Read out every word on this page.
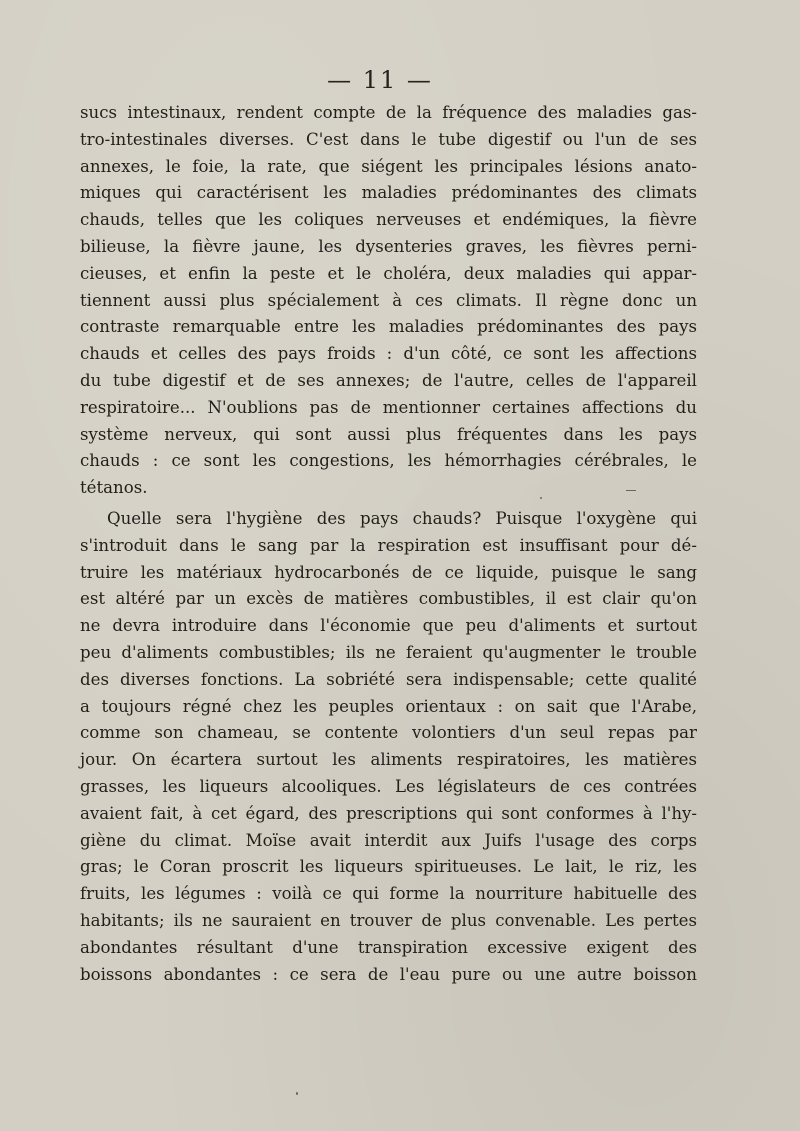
— 11 —
sucs intestinaux, rendent compte de la fréquence des maladies gas-
tro-intestinales diverses. C'est dans le tube digestif ou l'un de ses
annexes, le foie, la rate, que siégent les principales lésions anato-
miques qui caractérisent les maladies prédominantes des climats
chauds, telles que les coliques nerveuses et endémiques, la fièvre
bilieuse, la fièvre jaune, les dysenteries graves, les fièvres perni-
cieuses, et enfin la peste et le choléra, deux maladies qui appar-
tiennent aussi plus spécialement à ces climats. Il règne donc un
contraste remarquable entre les maladies prédominantes des pays
chauds et celles des pays froids : d'un côté, ce sont les affections
du tube digestif et de ses annexes; de l'autre, celles de l'appareil
respiratoire... N'oublions pas de mentionner certaines affections du
système nerveux, qui sont aussi plus fréquentes dans les pays
chauds : ce sont les congestions, les hémorrhagies cérébrales, le
tétanos.
Quelle sera l'hygiène des pays chauds? Puisque l'oxygène qui
s'introduit dans le sang par la respiration est insuffisant pour dé-
truire les matériaux hydrocarbonés de ce liquide, puisque le sang
est altéré par un excès de matières combustibles, il est clair qu'on
ne devra introduire dans l'économie que peu d'aliments et surtout
peu d'aliments combustibles; ils ne feraient qu'augmenter le trouble
des diverses fonctions. La sobriété sera indispensable; cette qualité
a toujours régné chez les peuples orientaux : on sait que l'Arabe,
comme son chameau, se contente volontiers d'un seul repas par
jour. On écartera surtout les aliments respiratoires, les matières
grasses, les liqueurs alcooliques. Les législateurs de ces contrées
avaient fait, à cet égard, des prescriptions qui sont conformes à l'hy-
giène du climat. Moïse avait interdit aux Juifs l'usage des corps
gras; le Coran proscrit les liqueurs spiritueuses. Le lait, le riz, les
fruits, les légumes : voilà ce qui forme la nourriture habituelle des
habitants; ils ne sauraient en trouver de plus convenable. Les pertes
abondantes résultant d'une transpiration excessive exigent des
boissons abondantes : ce sera de l'eau pure ou une autre boisson
